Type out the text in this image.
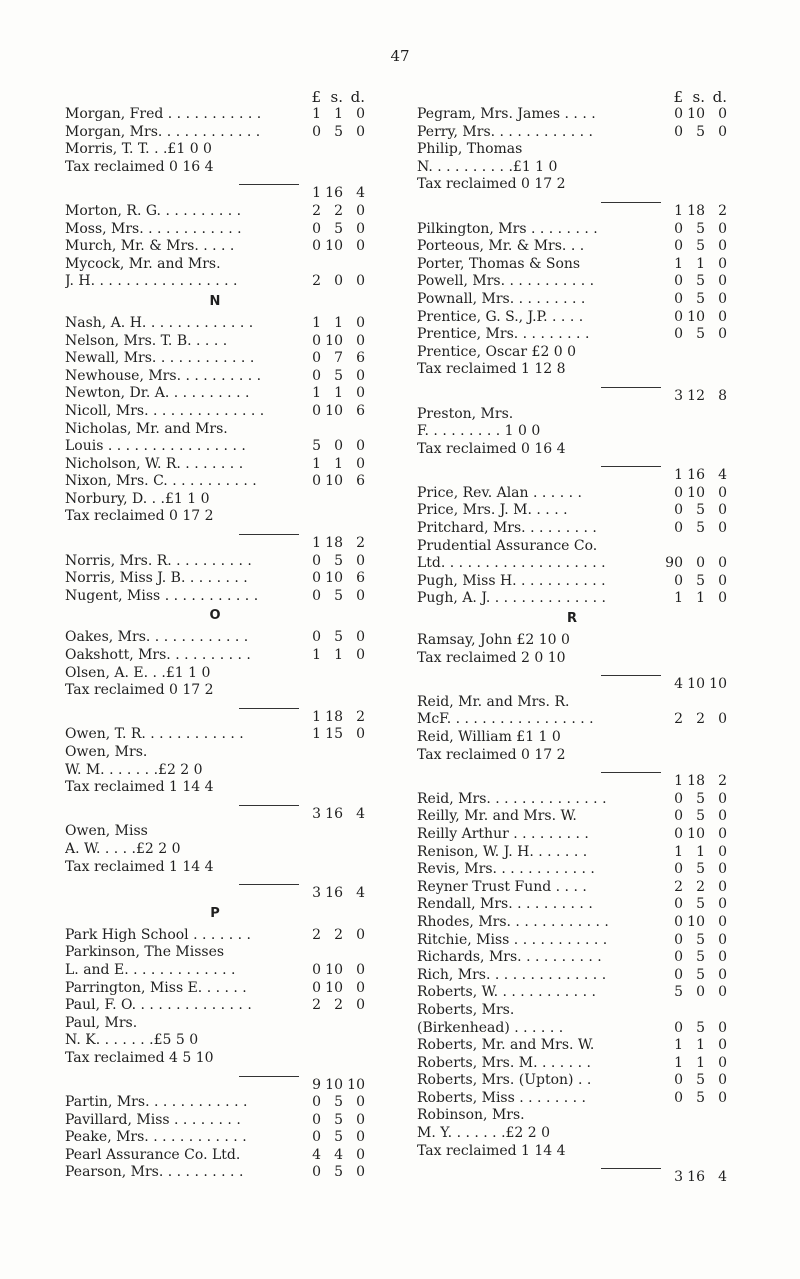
47
£ s. d.
Morgan, Fred . . . . . . . . . . .	1 1 0
Morgan, Mrs. . . . . . . . . . . .	0 5 0
Morris, T. T. . .£1 0 0
Tax reclaimed 0 16 4
1 16 4
Morton, R. G. . . . . . . . . .	2 2 0
Moss, Mrs. . . . . . . . . . . .	0 5 0
Murch, Mr. & Mrs. . . . .	0 10 0
Mycock, Mr. and Mrs.
J. H. . . . . . . . . . . . . . . . .	2 0 0
N
Nash, A. H. . . . . . . . . . . . .	1 1 0
Nelson, Mrs. T. B. . . . .	0 10 0
Newall, Mrs. . . . . . . . . . . .	0 7 6
Newhouse, Mrs. . . . . . . . . .	0 5 0
Newton, Dr. A. . . . . . . . . .	1 1 0
Nicoll, Mrs. . . . . . . . . . . . . .	0 10 6
Nicholas, Mr. and Mrs.
Louis . . . . . . . . . . . . . . . .	5 0 0
Nicholson, W. R. . . . . . . .	1 1 0
Nixon, Mrs. C. . . . . . . . . . .	0 10 6
Norbury, D. . .£1 1 0
Tax reclaimed 0 17 2
1 18 2
Norris, Mrs. R. . . . . . . . . .	0 5 0
Norris, Miss J. B. . . . . . . .	0 10 6
Nugent, Miss . . . . . . . . . . .	0 5 0
O
Oakes, Mrs. . . . . . . . . . . .	0 5 0
Oakshott, Mrs. . . . . . . . . .	1 1 0
Olsen, A. E. . .£1 1 0
Tax reclaimed 0 17 2
1 18 2
Owen, T. R. . . . . . . . . . . .	1 15 0
Owen, Mrs.
W. M. . . . . . .£2 2 0
Tax reclaimed 1 14 4
3 16 4
Owen, Miss
A. W. . . . .£2 2 0
Tax reclaimed 1 14 4
3 16 4
P
Park High School . . . . . . .	2 2 0
Parkinson, The Misses
L. and E. . . . . . . . . . . . .	0 10 0
Parrington, Miss E. . . . . .	0 10 0
Paul, F. O. . . . . . . . . . . . . .	2 2 0
Paul, Mrs.
N. K. . . . . . .£5 5 0
Tax reclaimed 4 5 10
9 10 10
Partin, Mrs. . . . . . . . . . . .	0 5 0
Pavillard, Miss . . . . . . . .	0 5 0
Peake, Mrs. . . . . . . . . . . .	0 5 0
Pearl Assurance Co. Ltd.	4 4 0
Pearson, Mrs. . . . . . . . . .	0 5 0
£ s. d.
Pegram, Mrs. James . . . .	0 10 0
Perry, Mrs. . . . . . . . . . . .	0 5 0
Philip, Thomas
N. . . . . . . . . .£1 1 0
Tax reclaimed 0 17 2
1 18 2
Pilkington, Mrs . . . . . . . .	0 5 0
Porteous, Mr. & Mrs. . .	0 5 0
Porter, Thomas & Sons	1 1 0
Powell, Mrs. . . . . . . . . . .	0 5 0
Pownall, Mrs. . . . . . . . .	0 5 0
Prentice, G. S., J.P. . . . .	0 10 0
Prentice, Mrs. . . . . . . . .	0 5 0
Prentice, Oscar £2 0 0
Tax reclaimed 1 12 8
3 12 8
Preston, Mrs.
F. . . . . . . . . 1 0 0
Tax reclaimed 0 16 4
1 16 4
Price, Rev. Alan . . . . . .	0 10 0
Price, Mrs. J. M. . . . .	0 5 0
Pritchard, Mrs. . . . . . . . .	0 5 0
Prudential Assurance Co.
Ltd. . . . . . . . . . . . . . . . . . .	90 0 0
Pugh, Miss H. . . . . . . . . . .	0 5 0
Pugh, A. J. . . . . . . . . . . . . .	1 1 0
R
Ramsay, John £2 10 0
Tax reclaimed 2 0 10
4 10 10
Reid, Mr. and Mrs. R.
McF. . . . . . . . . . . . . . . . .	2 2 0
Reid, William £1 1 0
Tax reclaimed 0 17 2
1 18 2
Reid, Mrs. . . . . . . . . . . . . .	0 5 0
Reilly, Mr. and Mrs. W.	0 5 0
Reilly Arthur . . . . . . . . .	0 10 0
Renison, W. J. H. . . . . . .	1 1 0
Revis, Mrs. . . . . . . . . . . .	0 5 0
Reyner Trust Fund . . . .	2 2 0
Rendall, Mrs. . . . . . . . . .	0 5 0
Rhodes, Mrs. . . . . . . . . . . .	0 10 0
Ritchie, Miss . . . . . . . . . . .	0 5 0
Richards, Mrs. . . . . . . . . .	0 5 0
Rich, Mrs. . . . . . . . . . . . . .	0 5 0
Roberts, W. . . . . . . . . . . .	5 0 0
Roberts, Mrs.
(Birkenhead) . . . . . .	0 5 0
Roberts, Mr. and Mrs. W.	1 1 0
Roberts, Mrs. M. . . . . . .	1 1 0
Roberts, Mrs. (Upton) . .	0 5 0
Roberts, Miss . . . . . . . .	0 5 0
Robinson, Mrs.
M. Y. . . . . . .£2 2 0
Tax reclaimed 1 14 4
3 16 4
